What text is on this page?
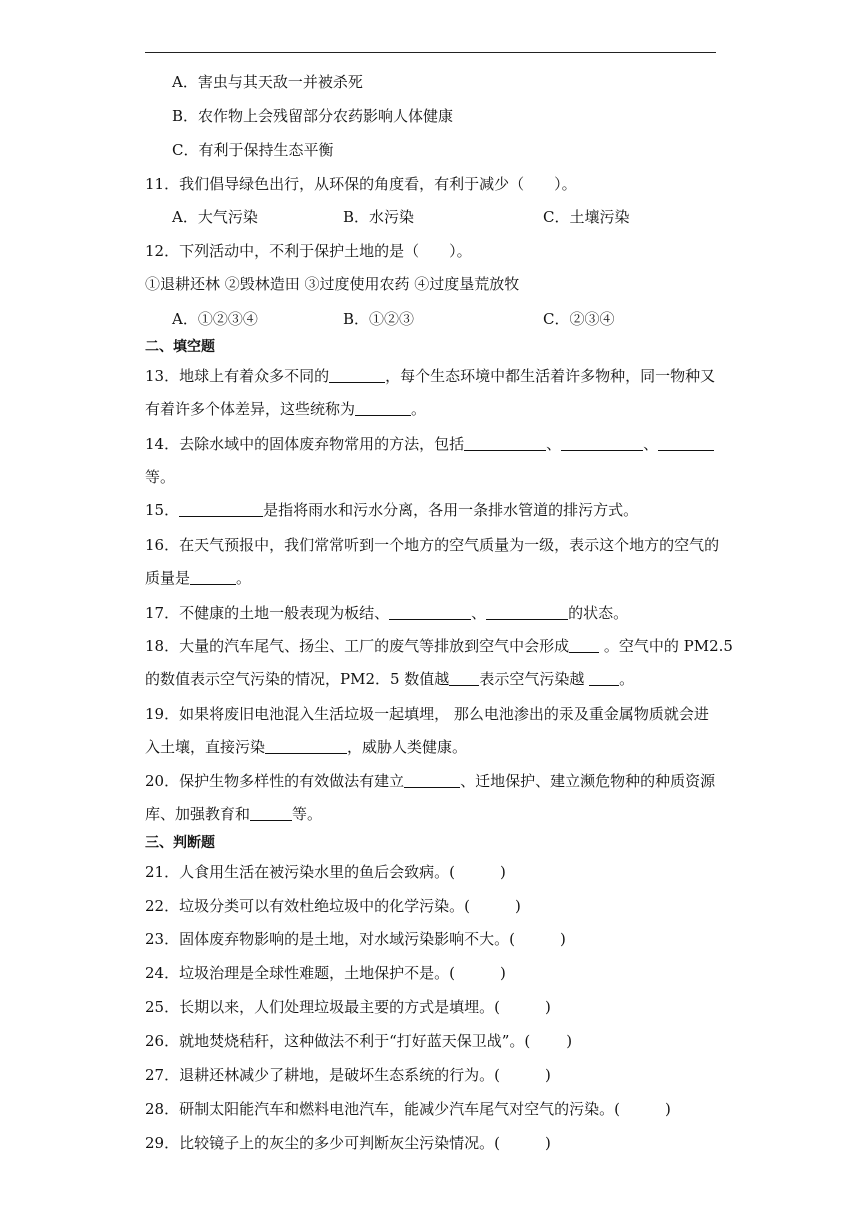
A．害虫与其天敌一并被杀死
B．农作物上会残留部分农药影响人体健康
C．有利于保持生态平衡
11．我们倡导绿色出行，从环保的角度看，有利于减少（　　）。
A．大气污染	B．水污染	C．土壤污染
12．下列活动中，不利于保护土地的是（　　）。
①退耕还林 ②毁林造田 ③过度使用农药 ④过度垦荒放牧
A．①②③④	B．①②③	C．②③④
二、填空题
13．地球上有着众多不同的	，每个生态环境中都生活着许多物种，同一物种又
有着许多个体差异，这些统称为	。
14．去除水域中的固体废弃物常用的方法，包括	、	、
等。
15．	是指将雨水和污水分离，各用一条排水管道的排污方式。
16．在天气预报中，我们常常听到一个地方的空气质量为一级，表示这个地方的空气的
质量是	。
17．不健康的土地一般表现为板结、	、	的状态。
18．大量的汽车尾气、扬尘、工厂的废气等排放到空气中会形成 。空气中的 PM2.5
的数值表示空气污染的情况，PM2．5 数值越 表示空气污染越 。
19．如果将废旧电池混入生活垃圾一起填埋， 那么电池渗出的汞及重金属物质就会进
入土壤，直接污染	，威胁人类健康。
20．保护生物多样性的有效做法有建立	、迁地保护、建立濒危物种的种质资源
库、加强教育和	等。
三、判断题
21．人食用生活在被污染水里的鱼后会致病。(	)
22．垃圾分类可以有效杜绝垃圾中的化学污染。(	)
23．固体废弃物影响的是土地，对水域污染影响不大。(	)
24．垃圾治理是全球性难题，土地保护不是。(	)
25．长期以来，人们处理垃圾最主要的方式是填埋。(	)
26．就地焚烧秸秆，这种做法不利于“打好蓝天保卫战”。( )
27．退耕还林减少了耕地，是破坏生态系统的行为。(	)
28．研制太阳能汽车和燃料电池汽车，能减少汽车尾气对空气的污染。(	)
29．比较镜子上的灰尘的多少可判断灰尘污染情况。(	)
